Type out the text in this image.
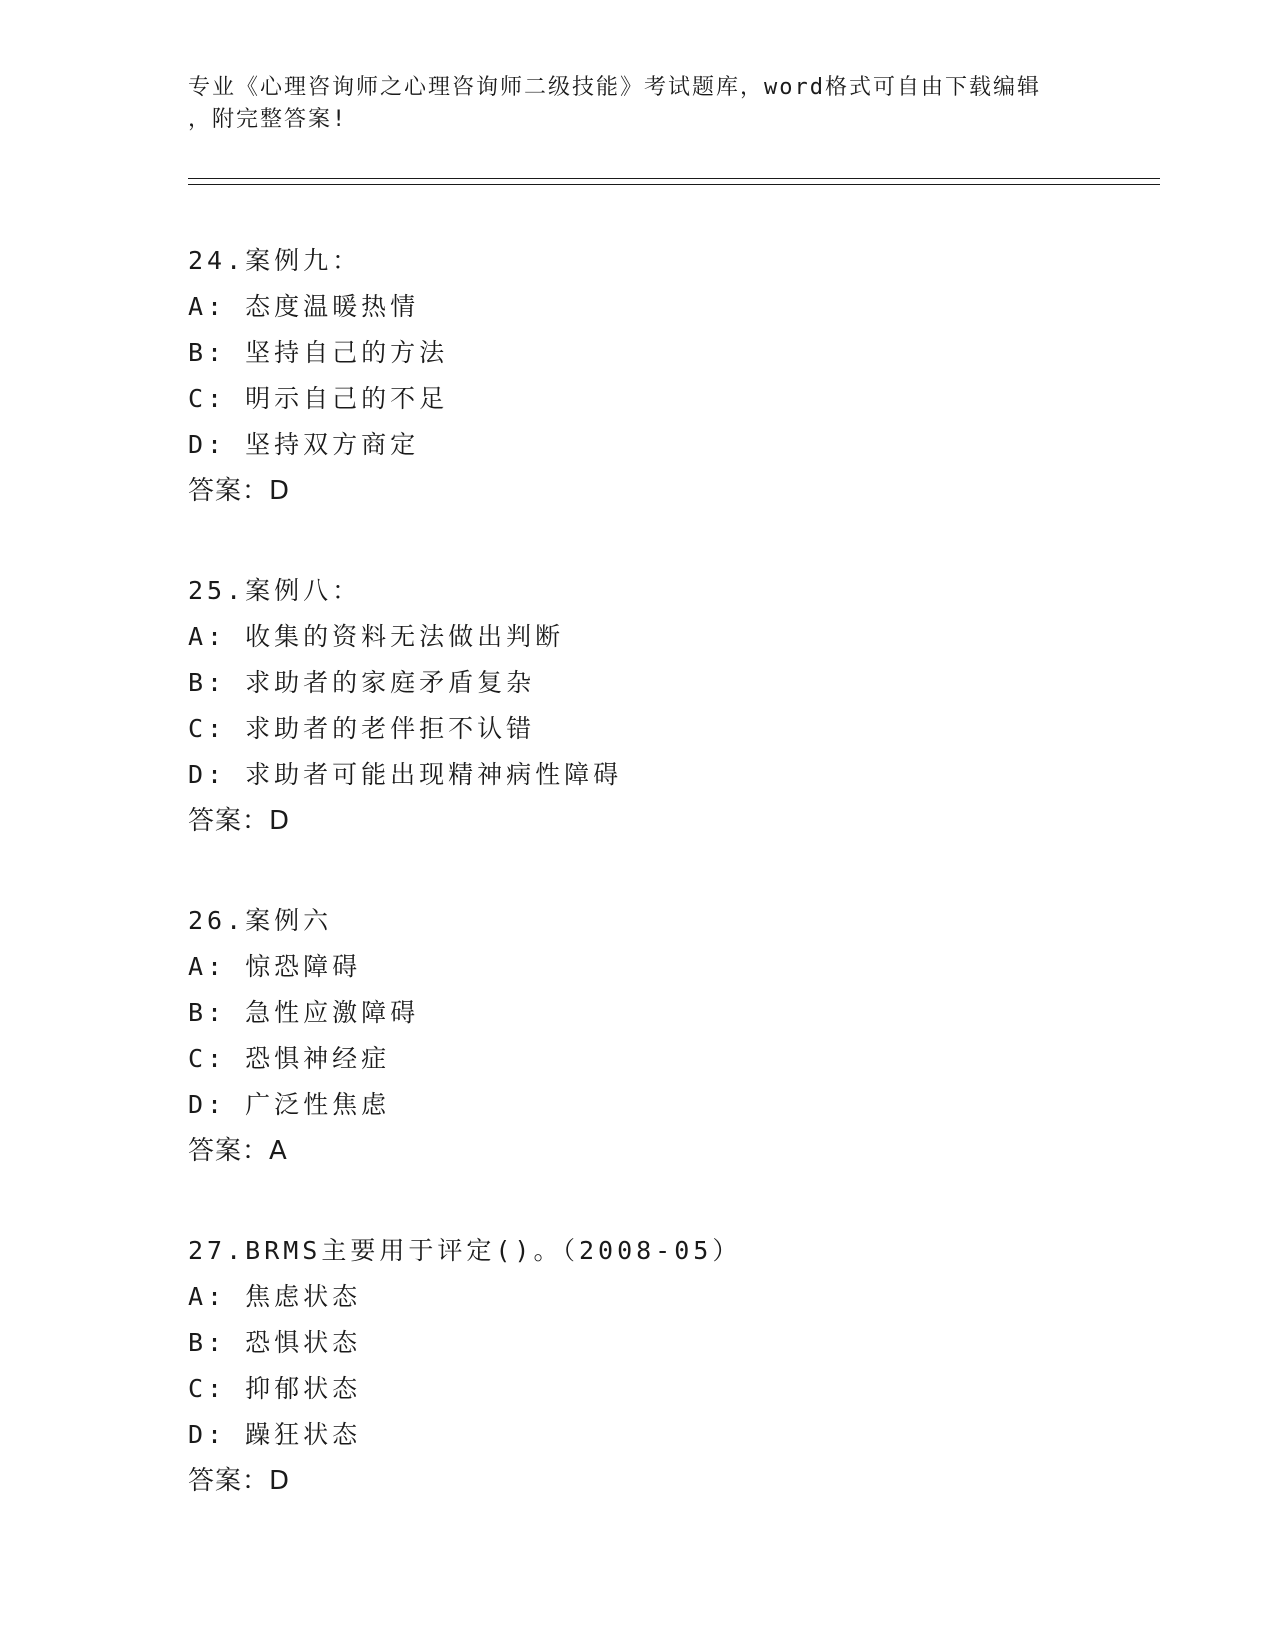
专业《心理咨询师之心理咨询师二级技能》考试题库，word格式可自由下载编辑
，附完整答案!
24.案例九：
A: 态度温暖热情
B: 坚持自己的方法
C: 明示自己的不足
D: 坚持双方商定
答案：D
25.案例八：
A: 收集的资料无法做出判断
B: 求助者的家庭矛盾复杂
C: 求助者的老伴拒不认错
D: 求助者可能出现精神病性障碍
答案：D
26.案例六
A: 惊恐障碍
B: 急性应激障碍
C: 恐惧神经症
D: 广泛性焦虑
答案：A
27.BRMS主要用于评定()。（2008-05）
A: 焦虑状态
B: 恐惧状态
C: 抑郁状态
D: 躁狂状态
答案：D
